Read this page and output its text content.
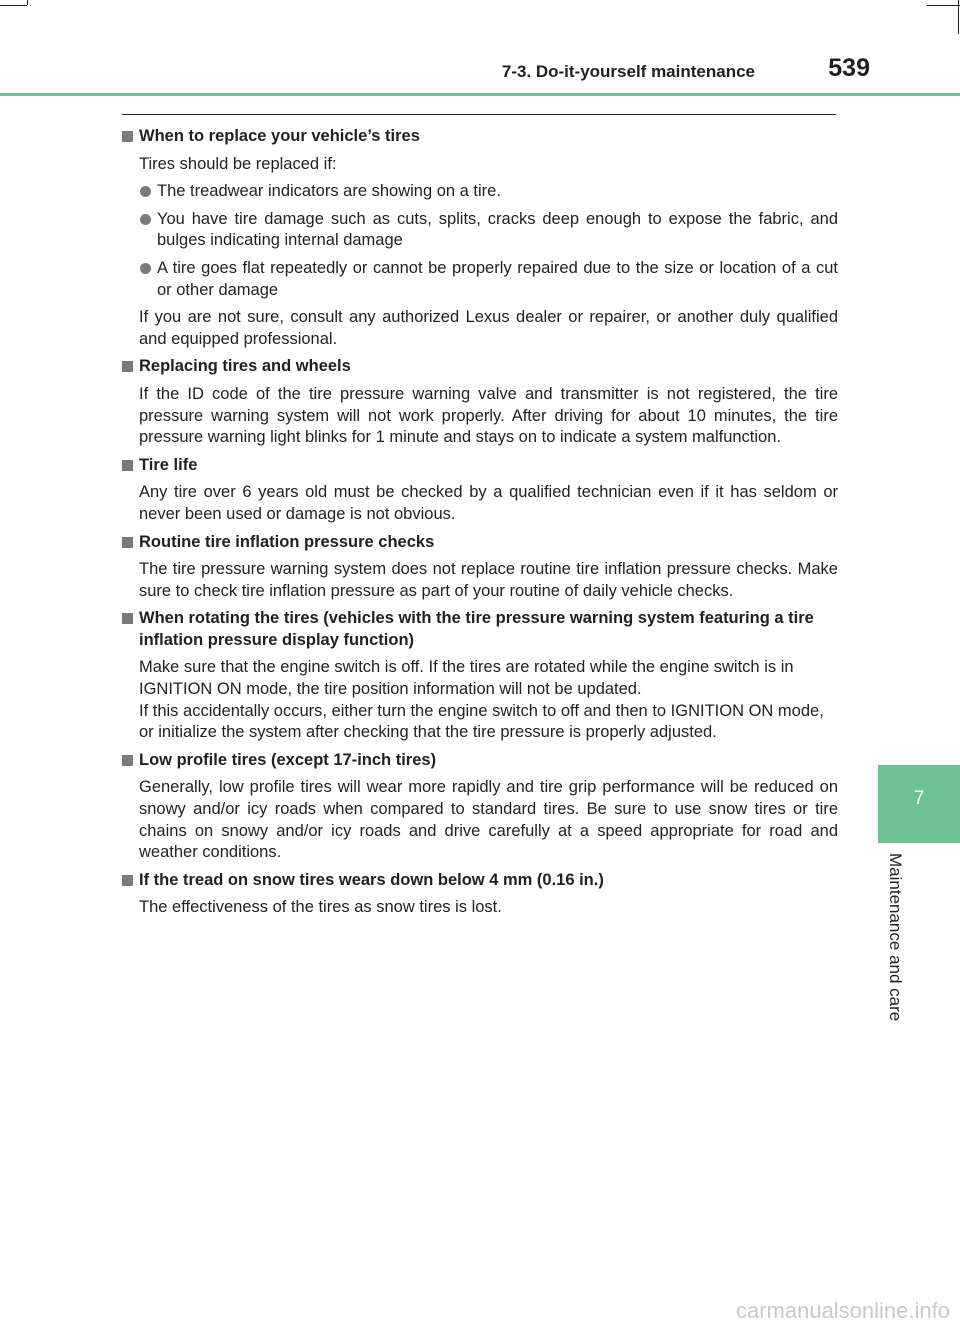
7-3. Do-it-yourself maintenance	539
When to replace your vehicle’s tires
Tires should be replaced if:
The treadwear indicators are showing on a tire.
You have tire damage such as cuts, splits, cracks deep enough to expose the fabric, and bulges indicating internal damage
A tire goes flat repeatedly or cannot be properly repaired due to the size or location of a cut or other damage
If you are not sure, consult any authorized Lexus dealer or repairer, or another duly qualified and equipped professional.
Replacing tires and wheels
If the ID code of the tire pressure warning valve and transmitter is not registered, the tire pressure warning system will not work properly. After driving for about 10 minutes, the tire pressure warning light blinks for 1 minute and stays on to indicate a system malfunction.
Tire life
Any tire over 6 years old must be checked by a qualified technician even if it has seldom or never been used or damage is not obvious.
Routine tire inflation pressure checks
The tire pressure warning system does not replace routine tire inflation pressure checks. Make sure to check tire inflation pressure as part of your routine of daily vehicle checks.
When rotating the tires (vehicles with the tire pressure warning system featuring a tire inflation pressure display function)
Make sure that the engine switch is off. If the tires are rotated while the engine switch is in IGNITION ON mode, the tire position information will not be updated.
If this accidentally occurs, either turn the engine switch to off and then to IGNITION ON mode, or initialize the system after checking that the tire pressure is properly adjusted.
Low profile tires (except 17-inch tires)
Generally, low profile tires will wear more rapidly and tire grip performance will be reduced on snowy and/or icy roads when compared to standard tires. Be sure to use snow tires or tire chains on snowy and/or icy roads and drive carefully at a speed appropriate for road and weather conditions.
If the tread on snow tires wears down below 4 mm (0.16 in.)
The effectiveness of the tires as snow tires is lost.
7
Maintenance and care
carmanualsonline.info
